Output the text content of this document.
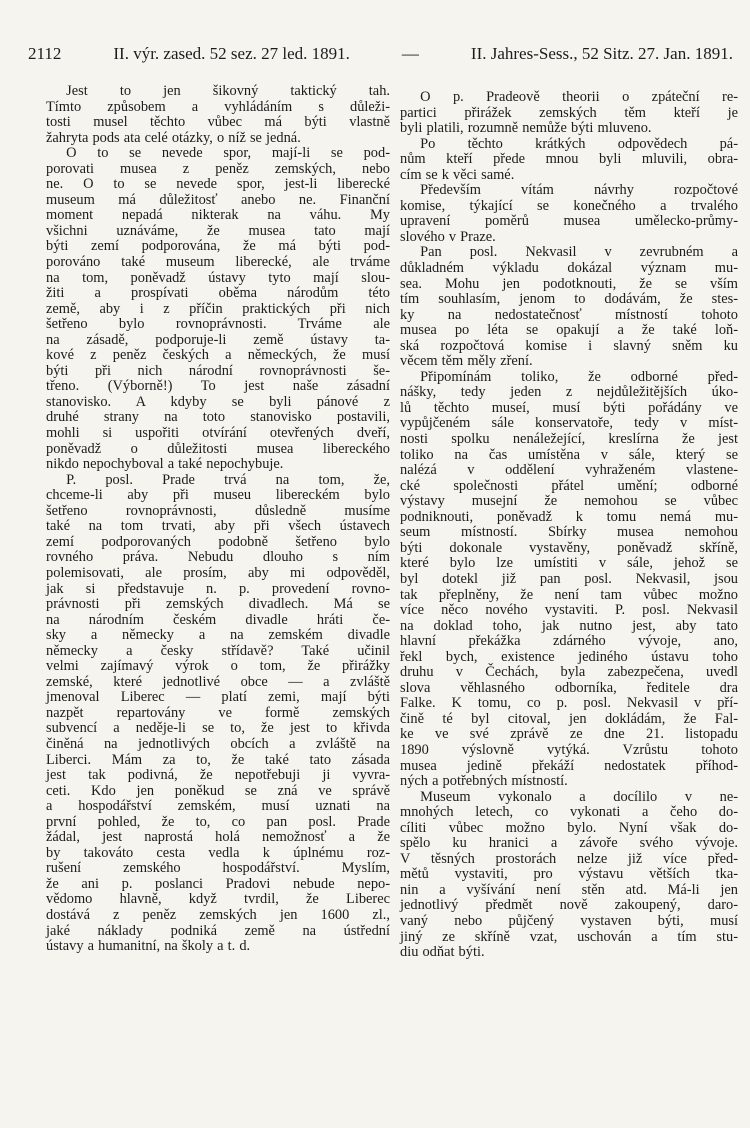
2112	II. výr. zased. 52 sez. 27 led. 1891.	—	II. Jahres-Sess., 52 Sitz. 27. Jan. 1891.

Jest to jen šikovný taktický tah.

Tímto způsobem a vyhládáním s důleži-

tosti musel těchto vůbec má býti vlastně

žahryta pods ata celé otázky, o níž se jedná.

O to se nevede spor, mají-li se pod-

porovati musea z peněz zemských, nebo

ne. O to se nevede spor, jest-li liberecké

museum má důležitosť anebo ne. Finanční

moment nepadá nikterak na váhu. My

všichni uznáváme, že musea tato mají

býti zemí podporována, že má býti pod-

porováno také museum liberecké, ale trváme

na tom, poněvadž ústavy tyto mají slou-

žiti a prospívati oběma národům této

země, aby i z příčin praktických při nich

šetřeno bylo rovnoprávnosti. Trváme ale

na zásadě, podporuje-li země ústavy ta-

kové z peněz českých a německých, že musí

býti při nich národní rovnoprávnosti še-

třeno. (Výborně!) To jest naše zásadní

stanovisko. A kdyby se byli pánové z

druhé strany na toto stanovisko postavili,

mohli si uspořiti otvírání otevřených dveří,

poněvadž o důležitosti musea libereckého

nikdo nepochyboval a také nepochybuje.

P. posl. Prade trvá na tom, že,

chceme-li aby při museu libereckém bylo

šetřeno rovnoprávnosti, důsledně musíme

také na tom trvati, aby při všech ústavech

zemí podporovaných podobně šetřeno bylo

rovného práva. Nebudu dlouho s ním

polemisovati, ale prosím, aby mi odpověděl,

jak si představuje n. p. provedení rovno-

právnosti při zemských divadlech. Má se

na národním českém divadle hráti če-

sky a německy a na zemském divadle

německy a česky střídavě? Také učinil

velmi zajímavý výrok o tom, že přirážky

zemské, které jednotlivé obce — a zvláště

jmenoval Liberec — platí zemi, mají býti

nazpět repartovány ve formě zemských

subvencí a neděje-li se to, že jest to křivda

činěná na jednotlivých obcích a zvláště na

Liberci. Mám za to, že také tato zásada

jest tak podivná, že nepotřebuji ji vyvra-

ceti. Kdo jen poněkud se zná ve správě

a hospodářství zemském, musí uznati na

první pohled, že to, co pan posl. Prade

žádal, jest naprostá holá nemožnosť a že

by takováto cesta vedla k úplnému roz-

rušení zemského hospodářství. Myslím,

že ani p. poslanci Pradovi nebude nepo-

vědomo hlavně, když tvrdil, že Liberec

dostává z peněz zemských jen 1600 zl.,

jaké náklady podniká země na ústřední

ústavy a humanitní, na školy a t. d.

O p. Pradeově theorii o zpáteční re-

partici přirážek zemských těm kteří je

byli platili, rozumně nemůže býti mluveno.

Po těchto krátkých odpovědech pá-

nům kteří přede mnou byli mluvili, obra-

cím se k věci samé.

Především vítám návrhy rozpočtové

komise, týkající se konečného a trvalého

upravení poměrů musea umělecko-průmy-

slového v Praze.

Pan posl. Nekvasil v zevrubném a

důkladném výkladu dokázal význam mu-

sea. Mohu jen podotknouti, že se vším

tím souhlasím, jenom to dodávám, že stes-

ky na nedostatečnosť místností tohoto

musea po léta se opakují a že také loň-

ská rozpočtová komise i slavný sněm ku

věcem těm měly zření.

Připomínám toliko, že odborné před-

nášky, tedy jeden z nejdůležitějších úko-

lů těchto museí, musí býti pořádány ve

vypůjčeném sále konservatoře, tedy v míst-

nosti spolku nenáležející, kreslírna že jest

toliko na čas umístěna v sále, který se

nalézá v oddělení vyhraženém vlastene-

cké společnosti přátel umění; odborné

výstavy musejní že nemohou se vůbec

podniknouti, poněvadž k tomu nemá mu-

seum místností. Sbírky musea nemohou

býti dokonale vystavěny, poněvadž skříně,

které bylo lze umístiti v sále, jehož se

byl dotekl již pan posl. Nekvasil, jsou

tak přeplněny, že není tam vůbec možno

více něco nového vystaviti. P. posl. Nekvasil

na doklad toho, jak nutno jest, aby tato

hlavní překážka zdárného vývoje, ano,

řekl bych, existence jediného ústavu toho

druhu v Čechách, byla zabezpečena, uvedl

slova věhlasného odborníka, ředitele dra

Falke. K tomu, co p. posl. Nekvasil v pří-

čině té byl citoval, jen dokládám, že Fal-

ke ve své zprávě ze dne 21. listopadu

1890 výslovně vytýká. Vzrůstu tohoto

musea jedině překáží nedostatek příhod-

ných a potřebných místností.

Museum vykonalo a docílilo v ne-

mnohých letech, co vykonati a čeho do-

cíliti vůbec možno bylo. Nyní však do-

spělo ku hranici a závoře svého vývoje.

V těsných prostorách nelze již více před-

mětů vystaviti, pro výstavu větších tka-

nin a vyšívání není stěn atd. Má-li jen

jednotlivý předmět nově zakoupený, darо-

vaný nebo půjčený vystaven býti, musí

jiný ze skříně vzat, uschován a tím stu-

diu odňat býti.
